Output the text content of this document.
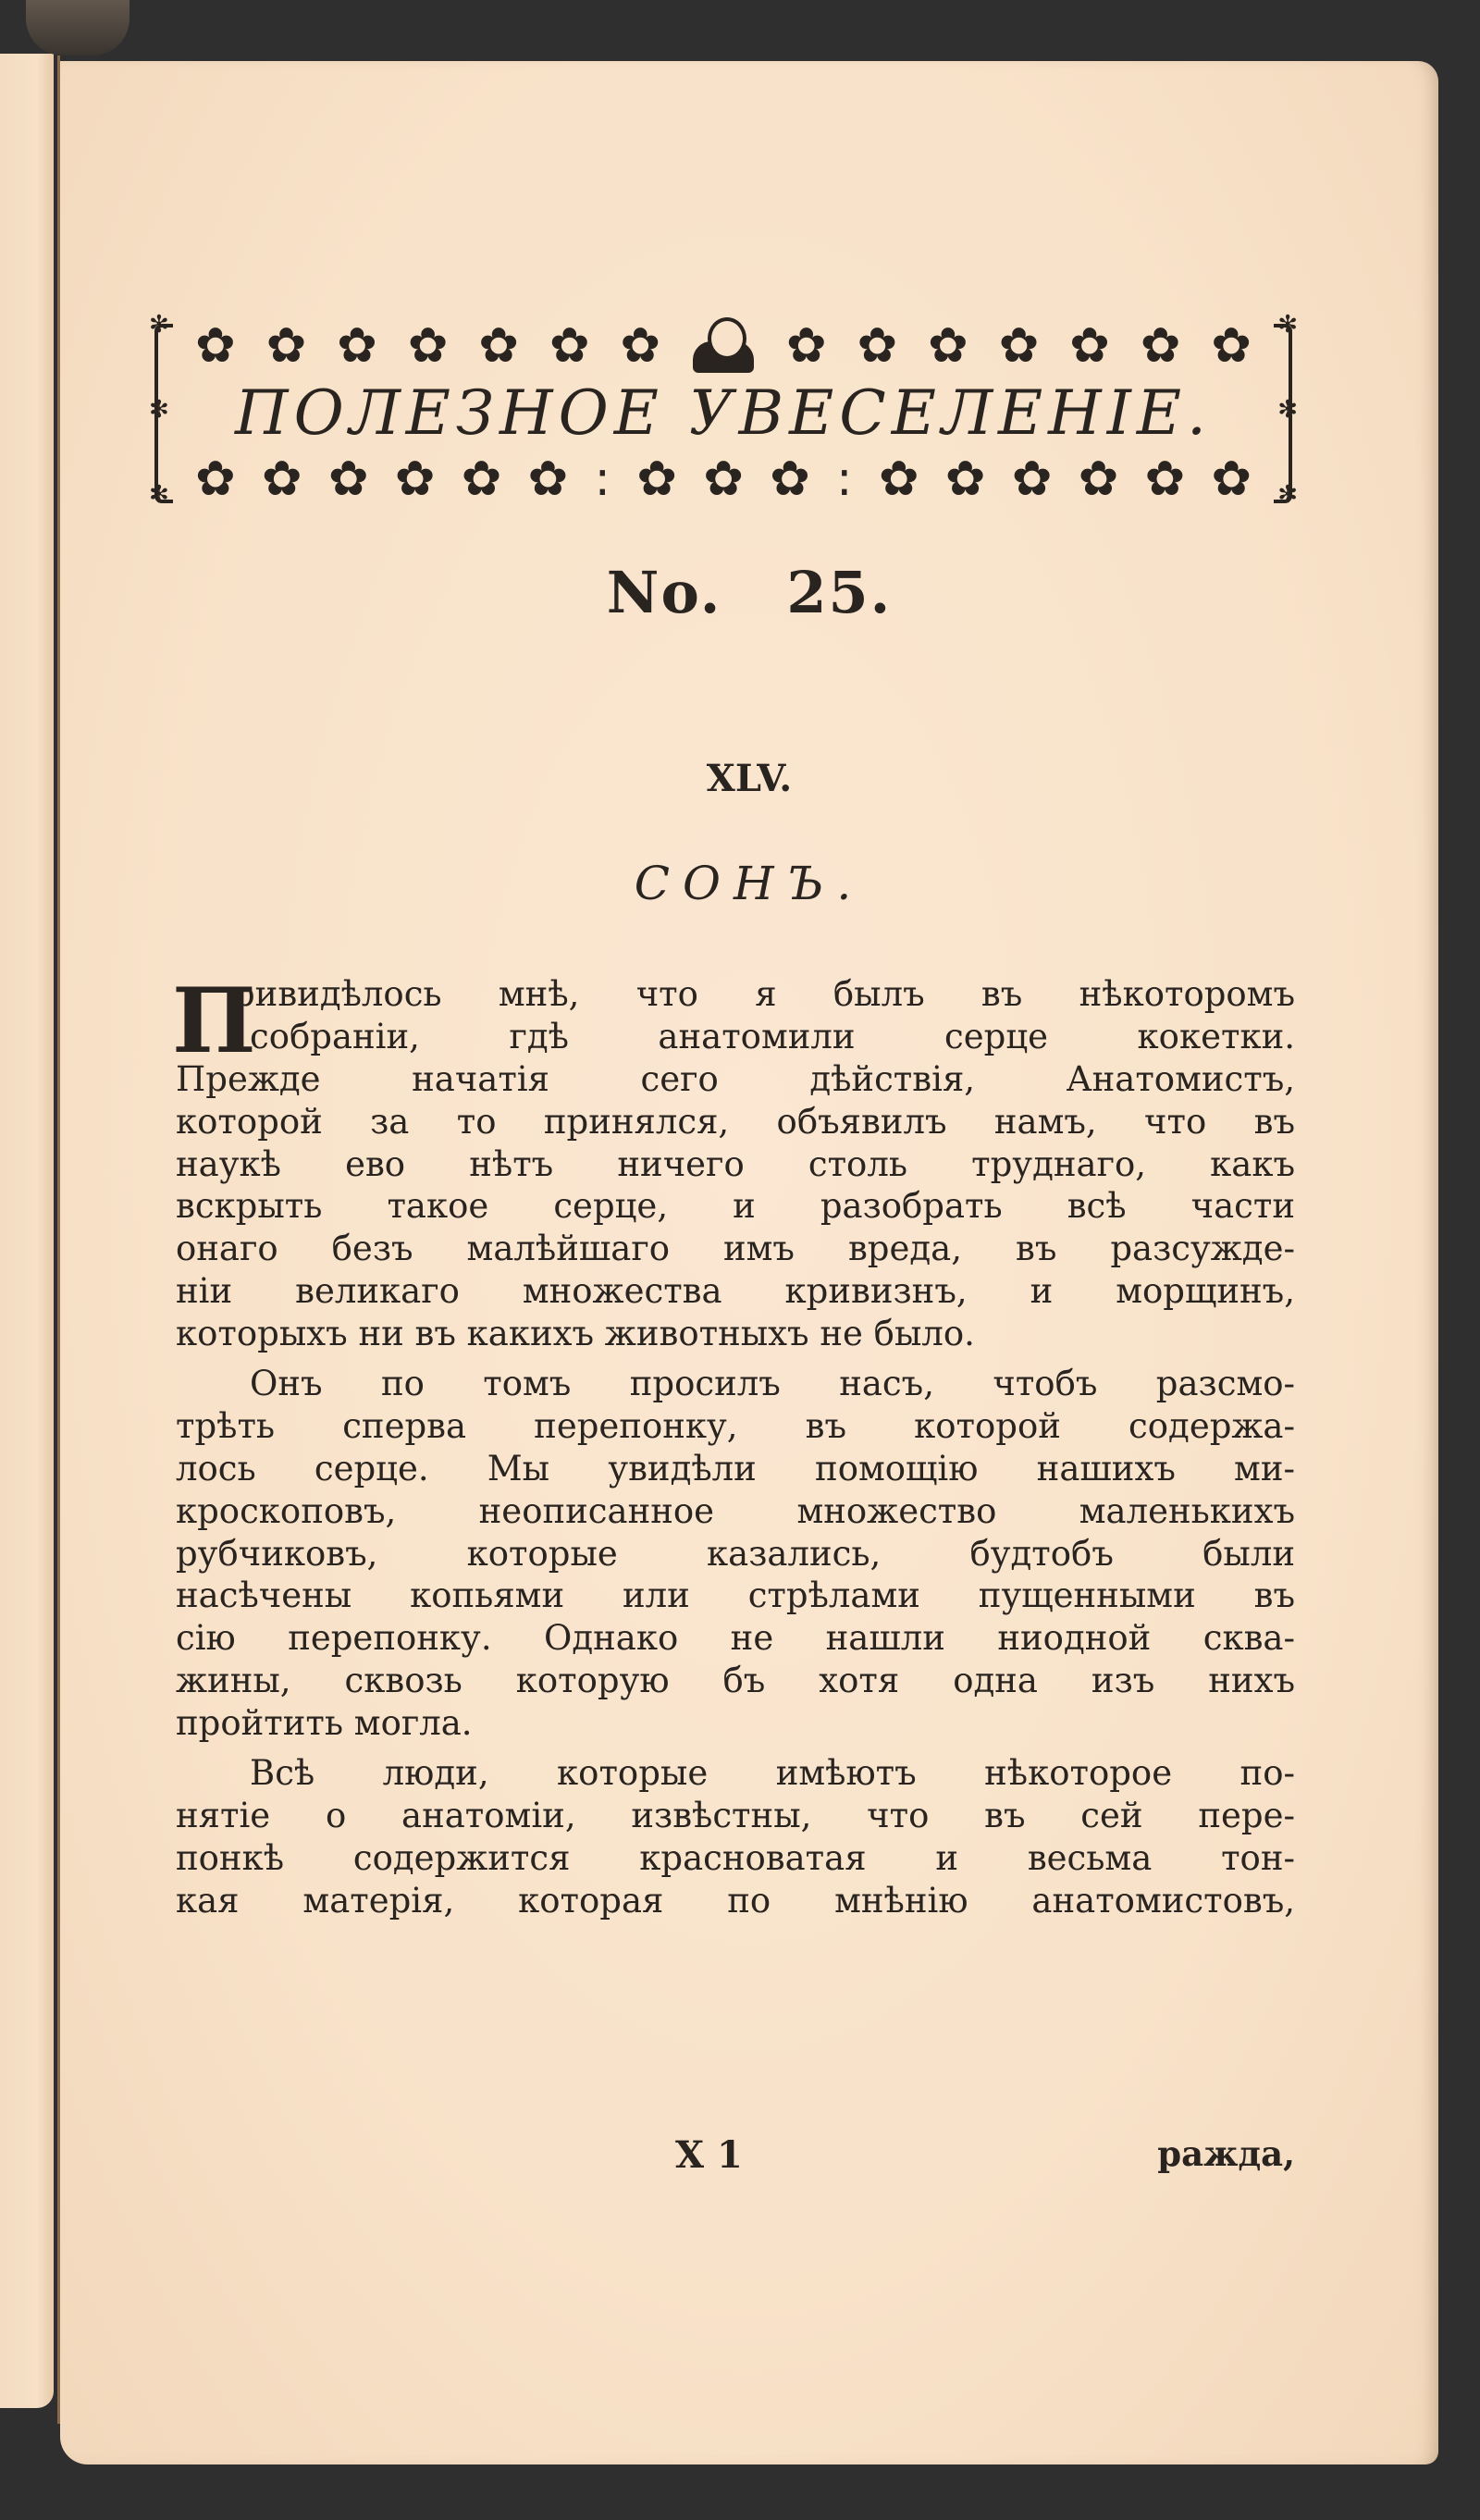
✻
✻
✻
✻
✻
✻
✿ ✿ ✿ ✿ ✿ ✿ ✿	✿ ✿ ✿ ✿ ✿ ✿ ✿
ПОЛЕЗНОЕ УВЕСЕЛЕНІЕ.
✿ ✿ ✿ ✿ ✿ ✿ : ✿ ✿ ✿ : ✿ ✿ ✿ ✿ ✿ ✿
No. 25.
XLV.
СОНЪ.
П
ривидѣлось мнѣ, что я былъ въ нѣкоторомъ
собраніи, гдѣ анатомили серце кокетки.
Прежде начатія сего дѣйствія, Анатомистъ,
которой за то принялся, объявилъ намъ, что въ
наукѣ ево нѣтъ ничего столь труднаго, какъ
вскрыть такое серце, и разобрать всѣ части
онаго безъ малѣйшаго имъ вреда, въ разсужде-
ніи великаго множества кривизнъ, и морщинъ,
которыхъ ни въ какихъ животныхъ не было.
Онъ по томъ просилъ насъ, чтобъ разсмо-
трѣть сперва перепонку, въ которой содержа-
лось серце. Мы увидѣли помощію нашихъ ми-
кроскоповъ, неописанное множество маленькихъ
рубчиковъ, которые казались, будтобъ были
насѣчены копьями или стрѣлами пущенными въ
сію перепонку. Однако не нашли ниодной сква-
жины, сквозь которую бъ хотя одна изъ нихъ
пройтить могла.
Всѣ люди, которые имѣютъ нѣкоторое по-
нятіе о анатоміи, извѣстны, что въ сей пере-
понкѣ содержится красноватая и весьма тон-
кая матерія, которая по мнѣнію анатомистовъ,
X 1	ражда,
